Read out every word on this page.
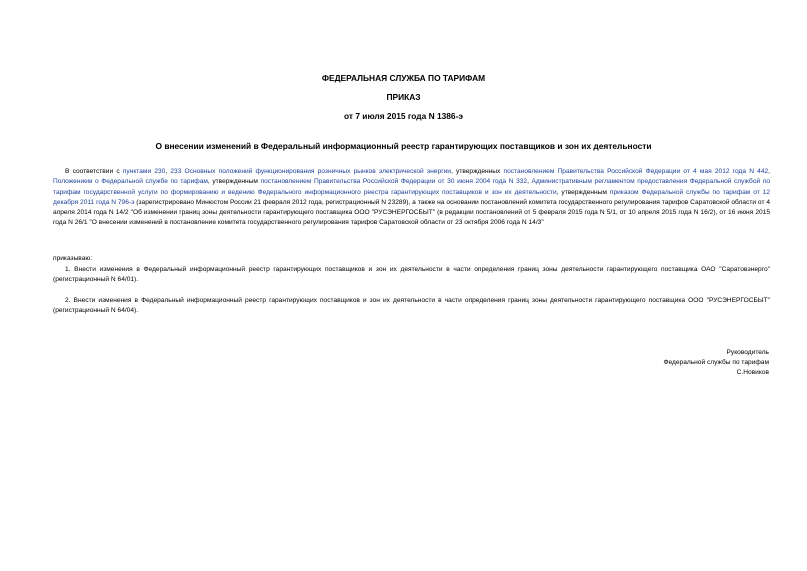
ФЕДЕРАЛЬНАЯ СЛУЖБА ПО ТАРИФАМ
ПРИКАЗ
от 7 июля 2015 года N 1386-э
О внесении изменений в Федеральный информационный реестр гарантирующих поставщиков и зон их деятельности
В соответствии с пунктами 230, 233 Основных положений функционирования розничных рынков электрической энергии, утвержденных постановлением Правительства Российской Федерации от 4 мая 2012 года N 442, Положением о Федеральной службе по тарифам, утвержденным постановлением Правительства Российской Федерации от 30 июня 2004 года N 332, Административным регламентом предоставления Федеральной службой по тарифам государственной услуги по формированию и ведению Федерального информационного реестра гарантирующих поставщиков и зон их деятельности, утвержденным приказом Федеральной службы по тарифам от 12 декабря 2011 года N 796-э (зарегистрировано Минюстом России 21 февраля 2012 года, регистрационный N 23289), а также на основании постановлений комитета государственного регулирования тарифов Саратовской области от 4 апреля 2014 года N 14/2 "Об изменении границ зоны деятельности гарантирующего поставщика ООО "РУСЭНЕРГОСБЫТ" (в редакции постановлений от 5 февраля 2015 года N 5/1, от 10 апреля 2015 года N 16/2), от 16 июня 2015 года N 26/1 "О внесении изменений в постановление комитета государственного регулирования тарифов Саратовской области от 23 октября 2006 года N 14/3"
приказываю:
1. Внести изменения в Федеральный информационный реестр гарантирующих поставщиков и зон их деятельности в части определения границ зоны деятельности гарантирующего поставщика ОАО "Саратовэнерго" (регистрационный N 64/01).
2. Внести изменения в Федеральный информационный реестр гарантирующих поставщиков и зон их деятельности в части определения границ зоны деятельности гарантирующего поставщика ООО "РУСЭНЕРГОСБЫТ" (регистрационный N 64/04).
Руководитель
Федеральной службы по тарифам
С.Новиков
